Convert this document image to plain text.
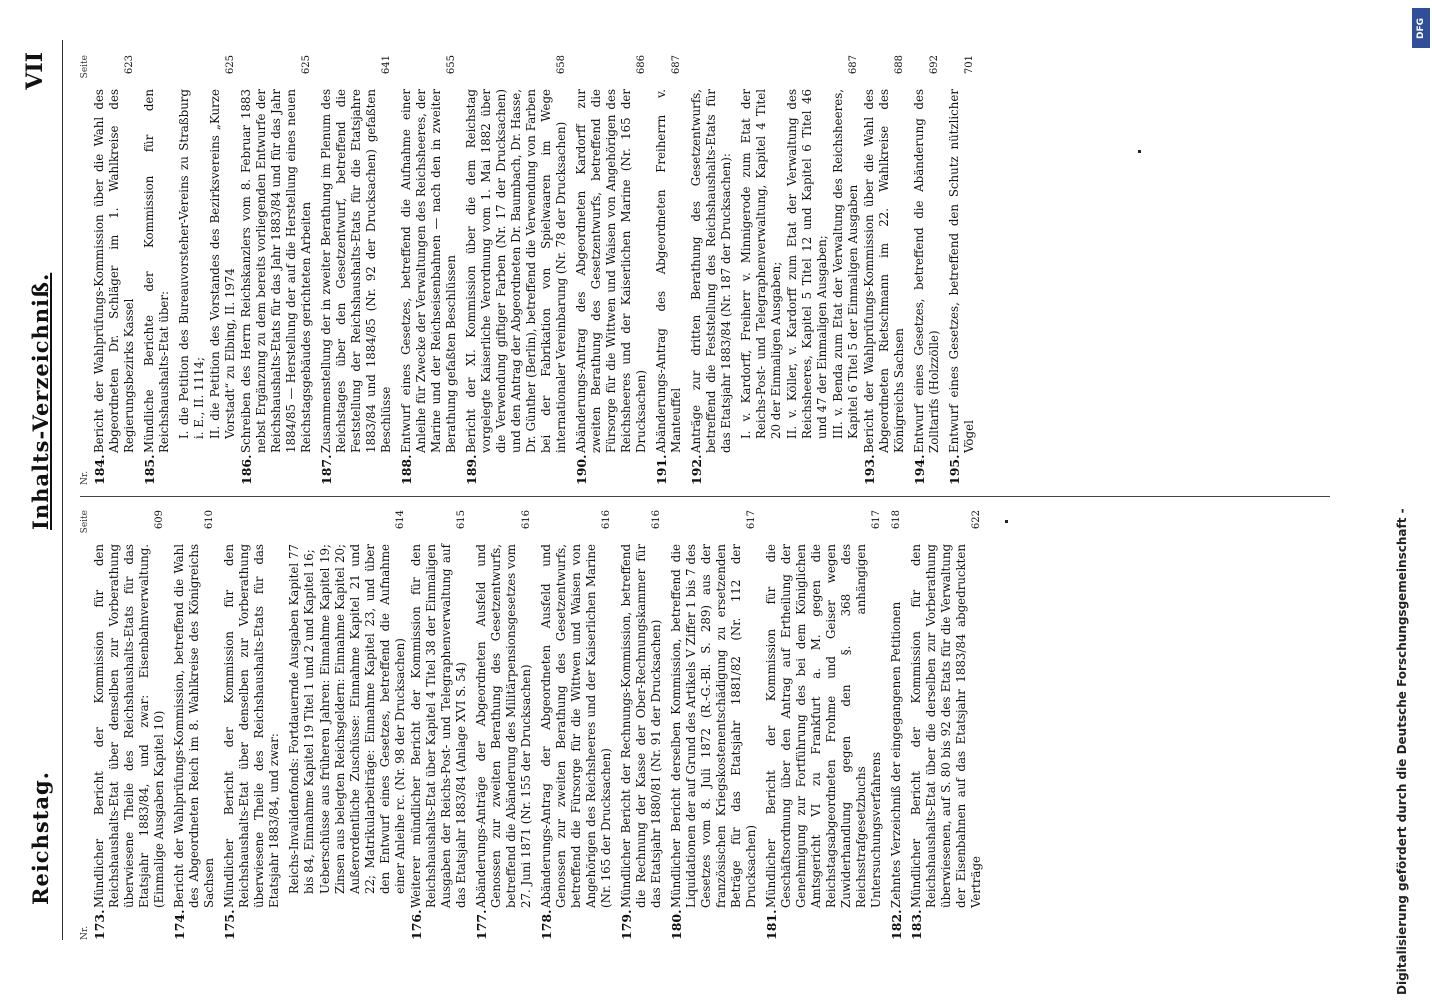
Reichstag.
Inhalts-Verzeichniß.
VII
Nr.
Seite
173.
Mündlicher Bericht der Kommission für den Reichshaushalts-Etat über denselben zur Vorberathung überwiesene Theile des Reichshaushalts-Etats für das Etatsjahr 1883/84, und zwar: Eisenbahnverwaltung. (Einmalige Ausgaben Kapitel 10)
609
174.
Bericht der Wahlprüfungs-Kommission, betreffend die Wahl des Abgeordneten Reich im 8. Wahlkreise des Königreichs Sachsen
610
175.
Mündlicher Bericht der Kommission für den Reichshaushalts-Etat über denselben zur Vorberathung überwiesene Theile des Reichshaushalts-Etats für das Etatsjahr 1883/84, und zwar: Reichs-Invalidenfonds: Fortdauernde Ausgaben Kapitel 77 bis 84, Einnahme Kapitel 19 Titel 1 und 2 und Kapitel 16; Ueberschüsse aus früheren Jahren: Einnahme Kapitel 19; Zinsen aus belegten Reichsgeldern: Einnahme Kapitel 20; Außerordentliche Zuschüsse: Einnahme Kapitel 21 und 22; Matrikularbeiträge: Einnahme Kapitel 23, und über den Entwurf eines Gesetzes, betreffend die Aufnahme einer Anleihe rc. (Nr. 98 der Drucksachen)
614
176.
Weiterer mündlicher Bericht der Kommission für den Reichshaushalts-Etat über Kapitel 4 Titel 38 der Einmaligen Ausgaben der Reichs-Post- und Telegraphenverwaltung auf das Etatsjahr 1883/84 (Anlage XVI S. 54)
615
177.
Abänderungs-Anträge der Abgeordneten Ausfeld und Genossen zur zweiten Berathung des Gesetzentwurfs, betreffend die Abänderung des Militärpensionsgesetzes vom 27. Juni 1871 (Nr. 155 der Drucksachen)
616
178.
Abänderungs-Antrag der Abgeordneten Ausfeld und Genossen zur zweiten Berathung des Gesetzentwurfs, betreffend die Fürsorge für die Wittwen und Waisen von Angehörigen des Reichsheeres und der Kaiserlichen Marine (Nr. 165 der Drucksachen)
616
179.
Mündlicher Bericht der Rechnungs-Kommission, betreffend die Rechnung der Kasse der Ober-Rechnungskammer für das Etatsjahr 1880/81 (Nr. 91 der Drucksachen)
616
180.
Mündlicher Bericht derselben Kommission, betreffend die Liquidationen der auf Grund des Artikels V Ziffer 1 bis 7 des Gesetzes vom 8. Juli 1872 (R.-G.-Bl. S. 289) aus der französischen Kriegskostenentschädigung zu ersetzenden Beträge für das Etatsjahr 1881/82 (Nr. 112 der Drucksachen)
617
181.
Mündlicher Bericht der Kommission für die Geschäftsordnung über den Antrag auf Ertheilung der Genehmigung zur Fortführung des bei dem Königlichen Amtsgericht VI zu Frankfurt a. M. gegen die Reichstagsabgeordneten Frohme und Geiser wegen Zuwiderhandlung gegen den §. 368 des Reichsstrafgesetzbuchs anhängigen Untersuchungsverfahrens
617
182.
Zehntes Verzeichniß der eingegangenen Petitionen
618
183.
Mündlicher Bericht der Kommission für den Reichshaushalts-Etat über die derselben zur Vorberathung überwiesenen, auf S. 80 bis 92 des Etats für die Verwaltung der Eisenbahnen auf das Etatsjahr 1883/84 abgedruckten Verträge
622
Nr.
Seite
184.
Bericht der Wahlprüfungs-Kommission über die Wahl des Abgeordneten Dr. Schläger im 1. Wahlkreise des Regierungsbezirks Kassel
623
185.
Mündliche Berichte der Kommission für den Reichshaushalts-Etat über: I. die Petition des Bureauvorsteher-Vereins zu Straßburg i. E., II. 1114; II. die Petition des Vorstandes des Bezirksvereins „Kurze Vorstadt“ zu Elbing, II. 1974
625
186.
Schreiben des Herrn Reichskanzlers vom 8. Februar 1883 nebst Ergänzung zu dem bereits vorliegenden Entwurfe der Reichshaushalts-Etats für das Jahr 1883/84 und für das Jahr 1884/85 — Herstellung der auf die Herstellung eines neuen Reichstagsgebäudes gerichteten Arbeiten
625
187.
Zusammenstellung der in zweiter Berathung im Plenum des Reichstages über den Gesetzentwurf, betreffend die Feststellung der Reichshaushalts-Etats für die Etatsjahre 1883/84 und 1884/85 (Nr. 92 der Drucksachen) gefaßten Beschlüsse
641
188.
Entwurf eines Gesetzes, betreffend die Aufnahme einer Anleihe für Zwecke der Verwaltungen des Reichsheeres, der Marine und der Reichseisenbahnen — nach den in zweiter Berathung gefaßten Beschlüssen
655
189.
Bericht der XI. Kommission über die dem Reichstag vorgelegte Kaiserliche Verordnung vom 1. Mai 1882 über die Verwendung giftiger Farben (Nr. 17 der Drucksachen) und den Antrag der Abgeordneten Dr. Baumbach, Dr. Hasse, Dr. Günther (Berlin), betreffend die Verwendung von Farben bei der Fabrikation von Spielwaaren im Wege internationaler Vereinbarung (Nr. 78 der Drucksachen)
658
190.
Abänderungs-Antrag des Abgeordneten Kardorff zur zweiten Berathung des Gesetzentwurfs, betreffend die Fürsorge für die Wittwen und Waisen von Angehörigen des Reichsheeres und der Kaiserlichen Marine (Nr. 165 der Drucksachen)
686
191.
Abänderungs-Antrag des Abgeordneten Freiherrn v. Manteuffel
687
192.
Anträge zur dritten Berathung des Gesetzentwurfs, betreffend die Feststellung des Reichshaushalts-Etats für das Etatsjahr 1883/84 (Nr. 187 der Drucksachen): I. v. Kardorff, Freiherr v. Minnigerode zum Etat der Reichs-Post- und Telegraphenverwaltung, Kapitel 4 Titel 20 der Einmaligen Ausgaben; II. v. Köller, v. Kardorff zum Etat der Verwaltung des Reichsheeres, Kapitel 5 Titel 12 und Kapitel 6 Titel 46 und 47 der Einmaligen Ausgaben; III. v. Benda zum Etat der Verwaltung des Reichsheeres, Kapitel 6 Titel 5 der Einmaligen Ausgaben
687
193.
Bericht der Wahlprüfungs-Kommission über die Wahl des Abgeordneten Rietschmann im 22. Wahlkreise des Königreichs Sachsen
688
194.
Entwurf eines Gesetzes, betreffend die Abänderung des Zolltarifs (Holzzölle)
692
195.
Entwurf eines Gesetzes, betreffend den Schutz nützlicher Vögel
701
DFG
Digitalisierung gefördert durch die Deutsche Forschungsgemeinschaft -
